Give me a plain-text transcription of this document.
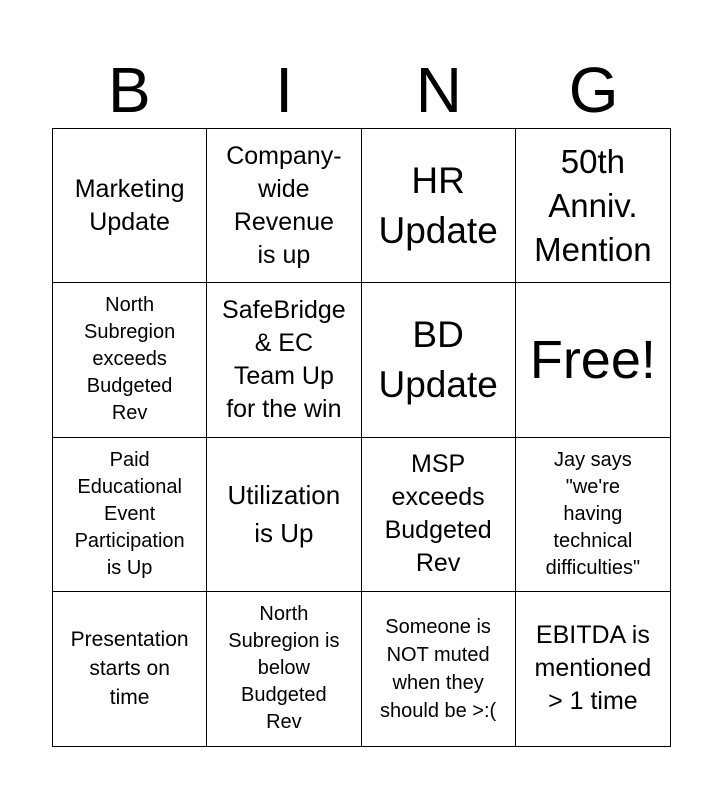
B	I	N	G
Marketing
Update
Company-
wide
Revenue
is up
HR
Update
50th
Anniv.
Mention
North
Subregion
exceeds
Budgeted
Rev
SafeBridge
& EC
Team Up
for the win
BD
Update Free!
Paid
Educational
Event
Participation
is Up
Utilization
is Up
MSP
exceeds
Budgeted
Rev
Jay says
"we're
having
technical
difficulties"
Presentation
starts on
time
North
Subregion is
below
Budgeted
Rev
Someone is
NOT muted
when they
should be >:(
EBITDA is
mentioned
> 1 time
